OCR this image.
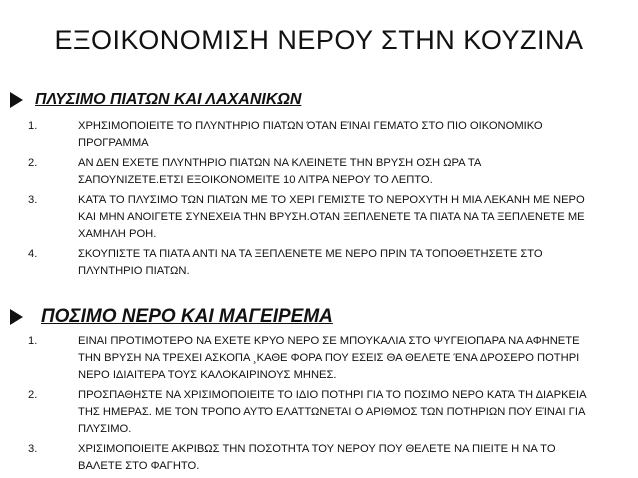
ΕΞΟΙΚΟΝΟΜΙΣΗ ΝΕΡΟΥ ΣΤΗΝ ΚΟΥΖΙΝΑ
ΠΛΥΣΙΜΟ ΠΙΑΤΩΝ ΚΑΙ ΛΑΧΑΝΙΚΩΝ
1.	ΧΡΗΣΙΜΟΠΟΙΕΙΤΕ ΤΟ ΠΛΥΝΤΗΡΙΟ ΠΙΑΤΩΝ ΌΤΑΝ ΕΊΝΑΙ ΓΕΜΑΤΟ ΣΤΟ ΠΙΟ ΟΙΚΟΝΟΜΙΚΟ ΠΡΟΓΡΑΜΜΑ
2.	ΑΝ ΔΕΝ ΕΧΕΤΕ ΠΛΥΝΤΗΡΙΟ ΠΙΑΤΩΝ ΝΑ ΚΛΕΙΝΕΤΕ ΤΗΝ ΒΡΥΣΗ ΟΣΗ ΩΡΑ ΤΑ ΣΑΠΟΥΝΙΖΕΤΕ.ΕΤΣΙ ΕΞΟΙΚΟΝΟΜΕΙΤΕ 10 ΛΙΤΡΑ ΝΕΡΟΥ ΤΟ ΛΕΠΤΟ.
3.	ΚΑΤΆ ΤΟ ΠΛΥΣΙΜΟ ΤΩΝ ΠΙΑΤΩΝ ΜΕ ΤΟ ΧΕΡΙ ΓΕΜΙΣΤΕ ΤΟ ΝΕΡΟΧΥΤΗ Η ΜΙΑ ΛΕΚΑΝΗ ΜΕ ΝΕΡΟ ΚΑΙ ΜΗΝ ΑΝΟΙΓΕΤΕ ΣΥΝΕΧΕΙΑ ΤΗΝ ΒΡΥΣΗ.ΟΤΑΝ ΞΕΠΛΕΝΕΤΕ ΤΑ ΠΙΑΤΑ ΝΑ ΤΑ ΞΕΠΛΕΝΕΤΕ ΜΕ ΧΑΜΗΛΗ ΡΟΗ.
4.	ΣΚΟΥΠΙΣΤΕ ΤΑ ΠΙΑΤΑ ΑΝΤΙ ΝΑ ΤΑ ΞΕΠΛΕΝΕΤΕ ΜΕ ΝΕΡΟ ΠΡΙΝ ΤΑ ΤΟΠΟΘΕΤΗΣΕΤΕ ΣΤΟ ΠΛΥΝΤΗΡΙΟ ΠΙΑΤΩΝ.
ΠΟΣΙΜΟ ΝΕΡΟ ΚΑΙ ΜΑΓΕΙΡΕΜΑ
1.	ΕΙΝΑΙ ΠΡΟΤΙΜΟΤΕΡΟ ΝΑ ΕΧΕΤΕ ΚΡΥΟ ΝΕΡΟ ΣΕ ΜΠΟΥΚΑΛΙΑ ΣΤΟ ΨΥΓΕΙΟΠΑΡΑ ΝΑ ΑΦΗΝΕΤΕ ΤΗΝ ΒΡΥΣΗ ΝΑ ΤΡΕΧΕΙ ΑΣΚΟΠΑ ¸ΚΑΘΕ ΦΟΡΑ ΠΟΥ ΕΣΕΙΣ ΘΑ ΘΕΛΕΤΕ ΈΝΑ ΔΡΟΣΕΡΟ ΠΟΤΗΡΙ ΝΕΡΟ ΙΔΙΑΙΤΕΡΑ ΤΟΥΣ ΚΑΛΟΚΑΙΡΙΝΟΥΣ ΜΗΝΕΣ.
2.	ΠΡΟΣΠΑΘΗΣΤΕ ΝΑ ΧΡΙΣΙΜΟΠΟΙΕΙΤΕ ΤΟ ΙΔΙΟ ΠΟΤΗΡΙ ΓΙΑ ΤΟ ΠΟΣΙΜΟ ΝΕΡΟ ΚΑΤΆ ΤΗ ΔΙΑΡΚΕΙΑ ΤΗΣ ΗΜΕΡΑΣ. ΜΕ ΤΟΝ ΤΡΟΠΟ ΑΥΤΌ ΕΛΑΤΤΩΝΕΤΑΙ Ο ΑΡΙΘΜΟΣ ΤΩΝ ΠΟΤΗΡΙΩΝ ΠΟΥ ΕΊΝΑΙ ΓΙΑ ΠΛΥΣΙΜΟ.
3.	ΧΡΙΣΙΜΟΠΟΙΕΙΤΕ ΑΚΡΙΒΩΣ ΤΗΝ ΠΟΣΟΤΗΤΑ ΤΟΥ ΝΕΡΟΥ ΠΟΥ ΘΕΛΕΤΕ ΝΑ ΠΙΕΙΤΕ Η ΝΑ ΤΟ ΒΑΛΕΤΕ ΣΤΟ ΦΑΓΗΤΟ.
